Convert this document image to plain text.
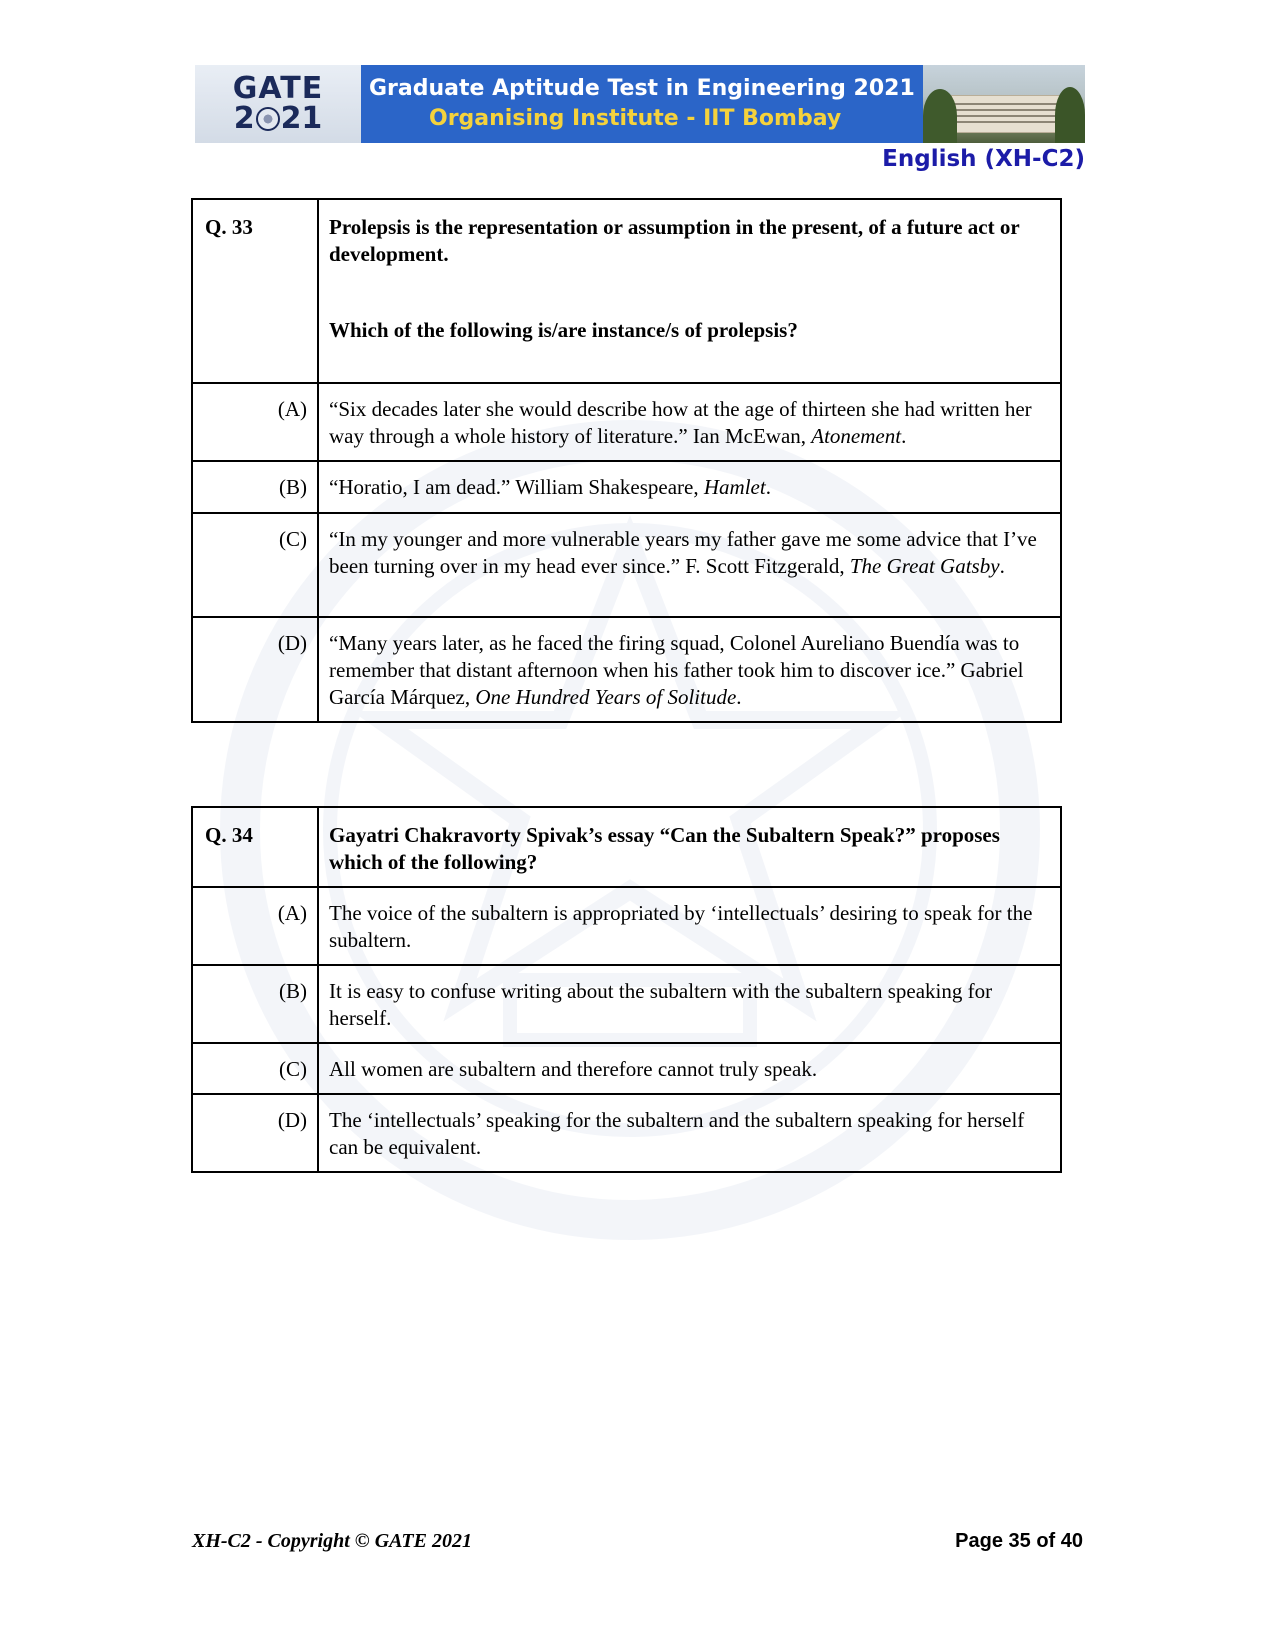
GATE
2 21
Graduate Aptitude Test in Engineering 2021
Organising Institute - IIT Bombay
English (XH-C2)
Q. 33	Prolepsis is the representation or assumption in the present, of a future act or development.

Which of the following is/are instance/s of prolepsis?

(A)	“Six decades later she would describe how at the age of thirteen she had written her way through a whole history of literature.” Ian McEwan, Atonement.
(B)	“Horatio, I am dead.” William Shakespeare, Hamlet.
(C)	“In my younger and more vulnerable years my father gave me some advice that I’ve been turning over in my head ever since.” F. Scott Fitzgerald, The Great Gatsby.
(D)	“Many years later, as he faced the firing squad, Colonel Aureliano Buendía was to remember that distant afternoon when his father took him to discover ice.” Gabriel García Márquez, One Hundred Years of Solitude.
Q. 34	Gayatri Chakravorty Spivak’s essay “Can the Subaltern Speak?” proposes which of the following?
(A)	The voice of the subaltern is appropriated by ‘intellectuals’ desiring to speak for the subaltern.
(B)	It is easy to confuse writing about the subaltern with the subaltern speaking for herself.
(C)	All women are subaltern and therefore cannot truly speak.
(D)	The ‘intellectuals’ speaking for the subaltern and the subaltern speaking for herself can be equivalent.
XH-C2 - Copyright © GATE 2021	Page 35 of 40
